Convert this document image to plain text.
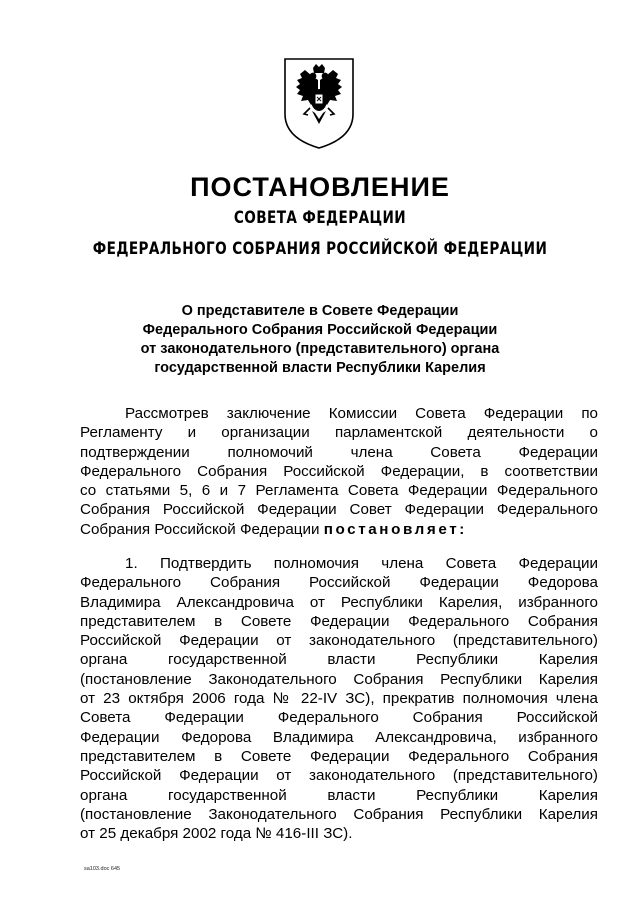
ПОСТАНОВЛЕНИЕ
СОВЕТА ФЕДЕРАЦИИ
ФЕДЕРАЛЬНОГО СОБРАНИЯ РОССИЙСКОЙ ФЕДЕРАЦИИ
О представителе в Совете Федерации
Федерального Собрания Российской Федерации
от законодательного (представительного) органа
государственной власти Республики Карелия
Рассмотрев заключение Комиссии Совета Федерации по
Регламенту и организации парламентской деятельности о
подтверждении полномочий члена Совета Федерации
Федерального Собрания Российской Федерации, в соответствии
со статьями 5, 6 и 7 Регламента Совета Федерации Федерального
Собрания Российской Федерации Совет Федерации Федерального
Собрания Российской Федерации постановляет:
1. Подтвердить полномочия члена Совета Федерации
Федерального Собрания Российской Федерации Федорова
Владимира Александровича от Республики Карелия, избранного
представителем в Совете Федерации Федерального Собрания
Российской Федерации от законодательного (представительного)
органа государственной власти Республики Карелия
(постановление Законодательного Собрания Республики Карелия
от 23 октября 2006 года № 22-IV ЗС), прекратив полномочия члена
Совета Федерации Федерального Собрания Российской
Федерации Федорова Владимира Александровича, избранного
представителем в Совете Федерации Федерального Собрания
Российской Федерации от законодательного (представительного)
органа государственной власти Республики Карелия
(постановление Законодательного Собрания Республики Карелия
от 25 декабря 2002 года № 416-III ЗС).
sa103.doc 645
